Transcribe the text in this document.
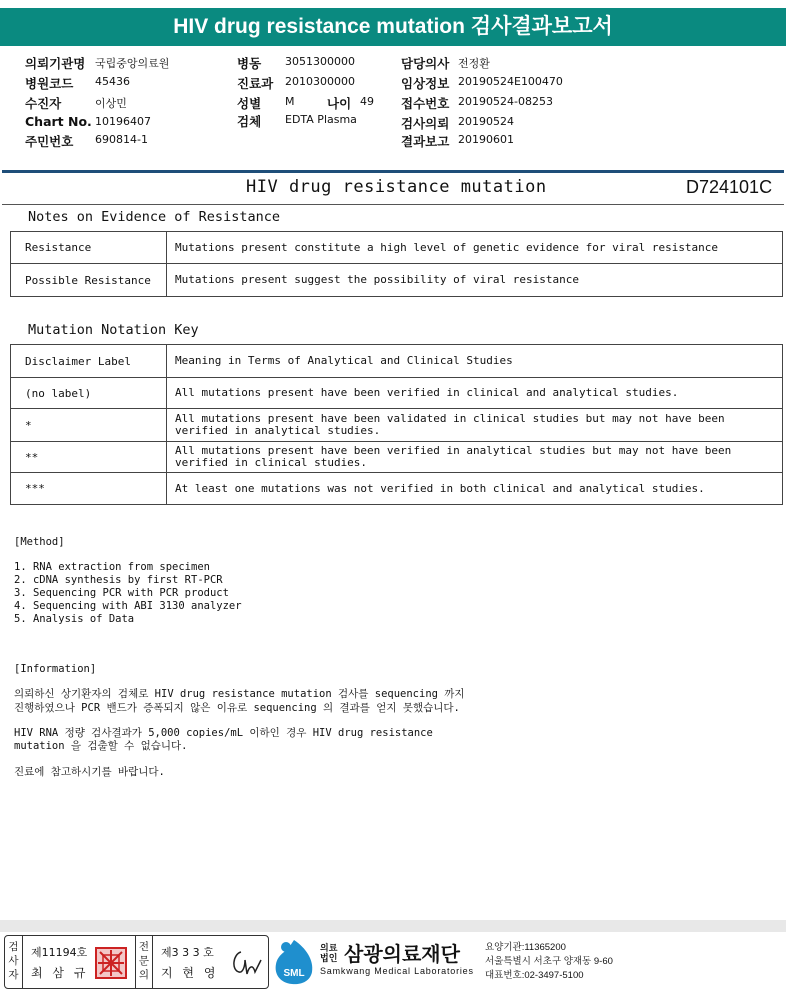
HIV drug resistance mutation 검사결과보고서
의뢰기관명 국립중앙의료원
병원코드 45436
수진자	이상민
Chart No. 10196407
주민번호 690814-1
병동 3051300000
진료과 2010300000
성별 M	나이 49
검체 EDTA Plasma
담당의사 전정환
임상정보 20190524E100470
접수번호 20190524-08253
검사의뢰 20190524
결과보고 20190601
HIV drug resistance mutation	D724101C
Notes on Evidence of Resistance
Resistance	Mutations present constitute a high level of genetic evidence for viral resistance
Possible Resistance	Mutations present suggest the possibility of viral resistance
Mutation Notation Key
Disclaimer Label	Meaning in Terms of Analytical and Clinical Studies
(no label)	All mutations present have been verified in clinical and analytical studies.
*	All mutations present have been validated in clinical studies but may not have been verified in analytical studies.
**	All mutations present have been verified in analytical studies but may not have been verified in clinical studies.
***	At least one mutations was not verified in both clinical and analytical studies.
[Method]
1. RNA extraction from specimen
2. cDNA synthesis by first RT-PCR
3. Sequencing PCR with PCR product
4. Sequencing with ABI 3130 analyzer
5. Analysis of Data
[Information]
의뢰하신 상기환자의 검체로 HIV drug resistance mutation 검사를 sequencing 까지
진행하였으나 PCR 밴드가 증폭되지 않은 이유로 sequencing 의 결과를 얻지 못했습니다.
HIV RNA 정량 검사결과가 5,000 copies/mL 이하인 경우 HIV drug resistance
mutation 을 검출할 수 없습니다.
진료에 참고하시기를 바랍니다.
검사자
제11194호
최 삼 규
전문의
제3 3 3 호
지 현 영	SML
의료법인 삼광의료재단
Samkwang Medical Laboratories
요양기관:11365200
서울특별시 서초구 양재동 9-60
대표번호:02-3497-5100
